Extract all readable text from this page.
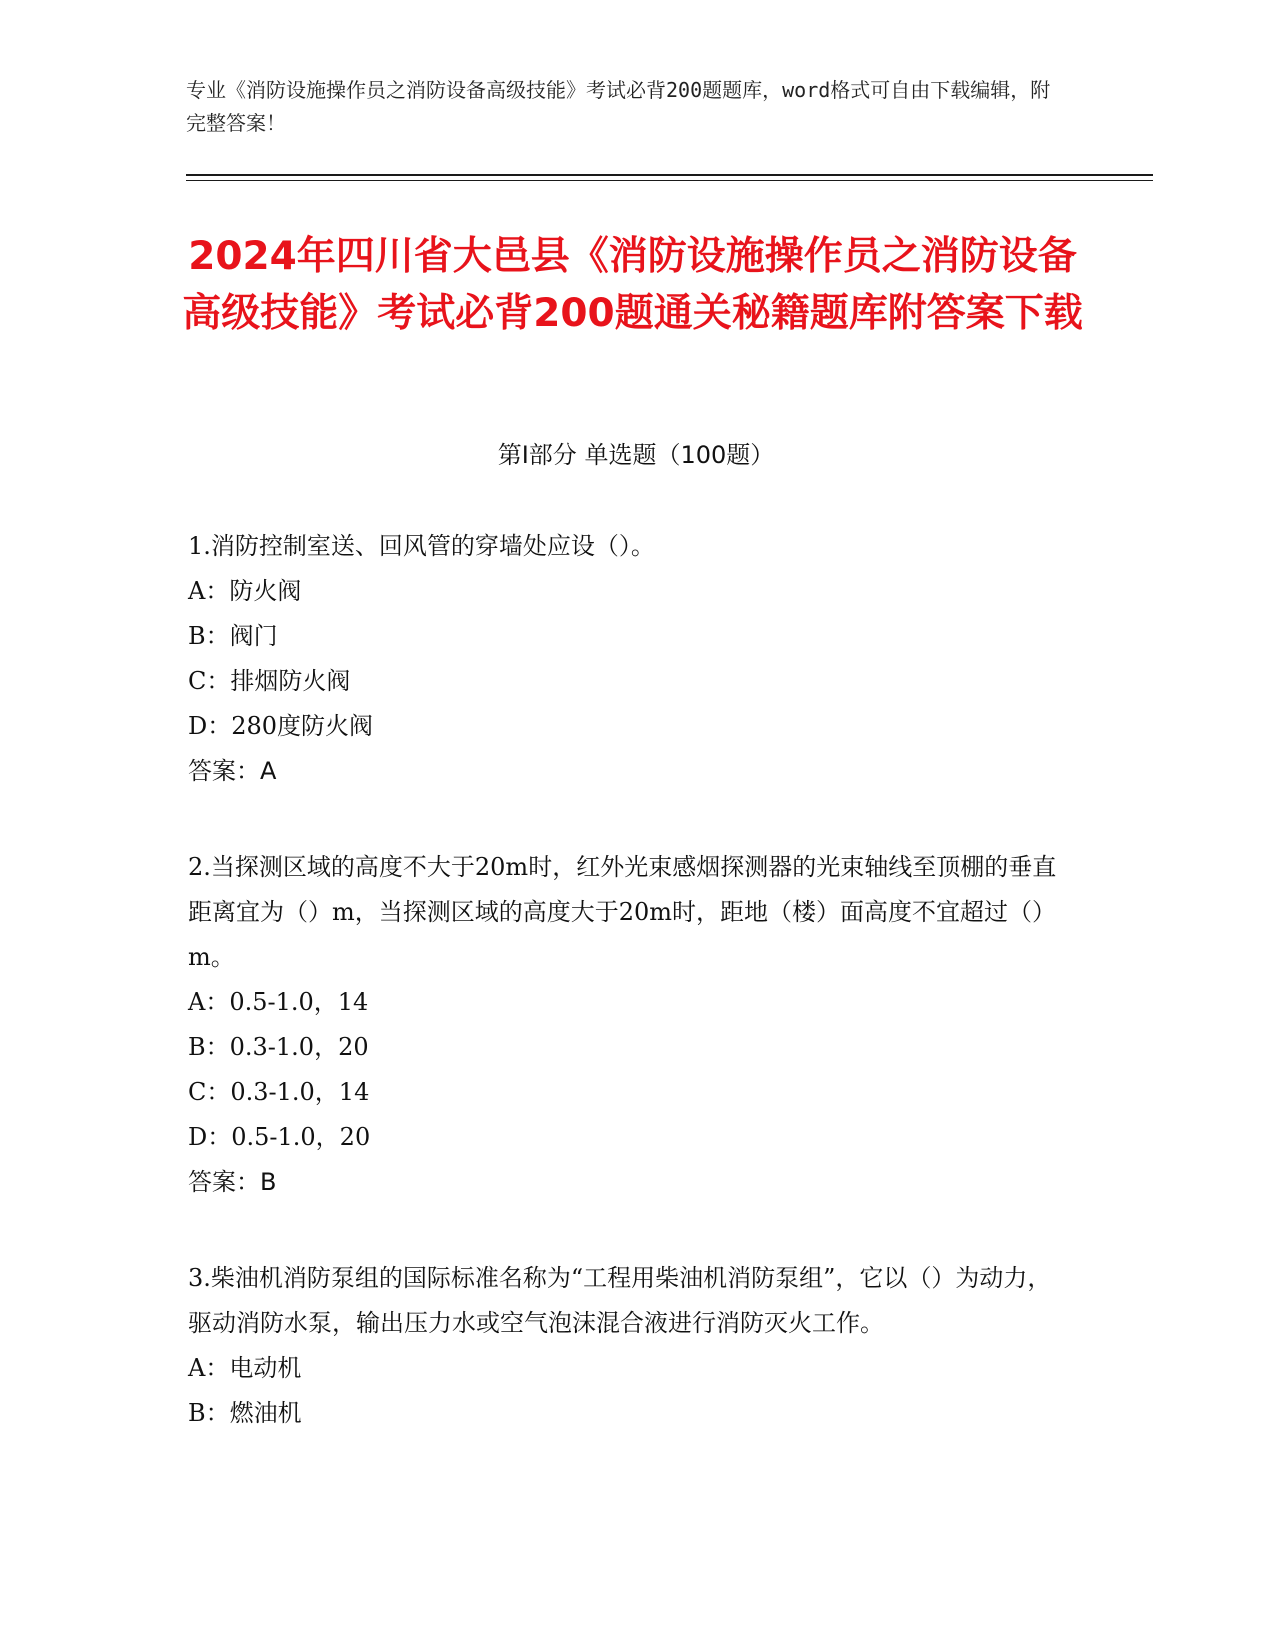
专业《消防设施操作员之消防设备高级技能》考试必背200题题库，word格式可自由下载编辑，附完整答案！
2024年四川省大邑县《消防设施操作员之消防设备高级技能》考试必背200题通关秘籍题库附答案下载
第Ⅰ部分 单选题（100题）
1.消防控制室送、回风管的穿墙处应设（）。
A：防火阀
B：阀门
C：排烟防火阀
D：280度防火阀
答案：A
2.当探测区域的高度不大于20m时，红外光束感烟探测器的光束轴线至顶棚的垂直距离宜为（）m，当探测区域的高度大于20m时，距地（楼）面高度不宜超过（）m。
A：0.5-1.0，14
B：0.3-1.0，20
C：0.3-1.0，14
D：0.5-1.0，20
答案：B
3.柴油机消防泵组的国际标准名称为“工程用柴油机消防泵组”，它以（）为动力，驱动消防水泵，输出压力水或空气泡沫混合液进行消防灭火工作。
A：电动机
B：燃油机
